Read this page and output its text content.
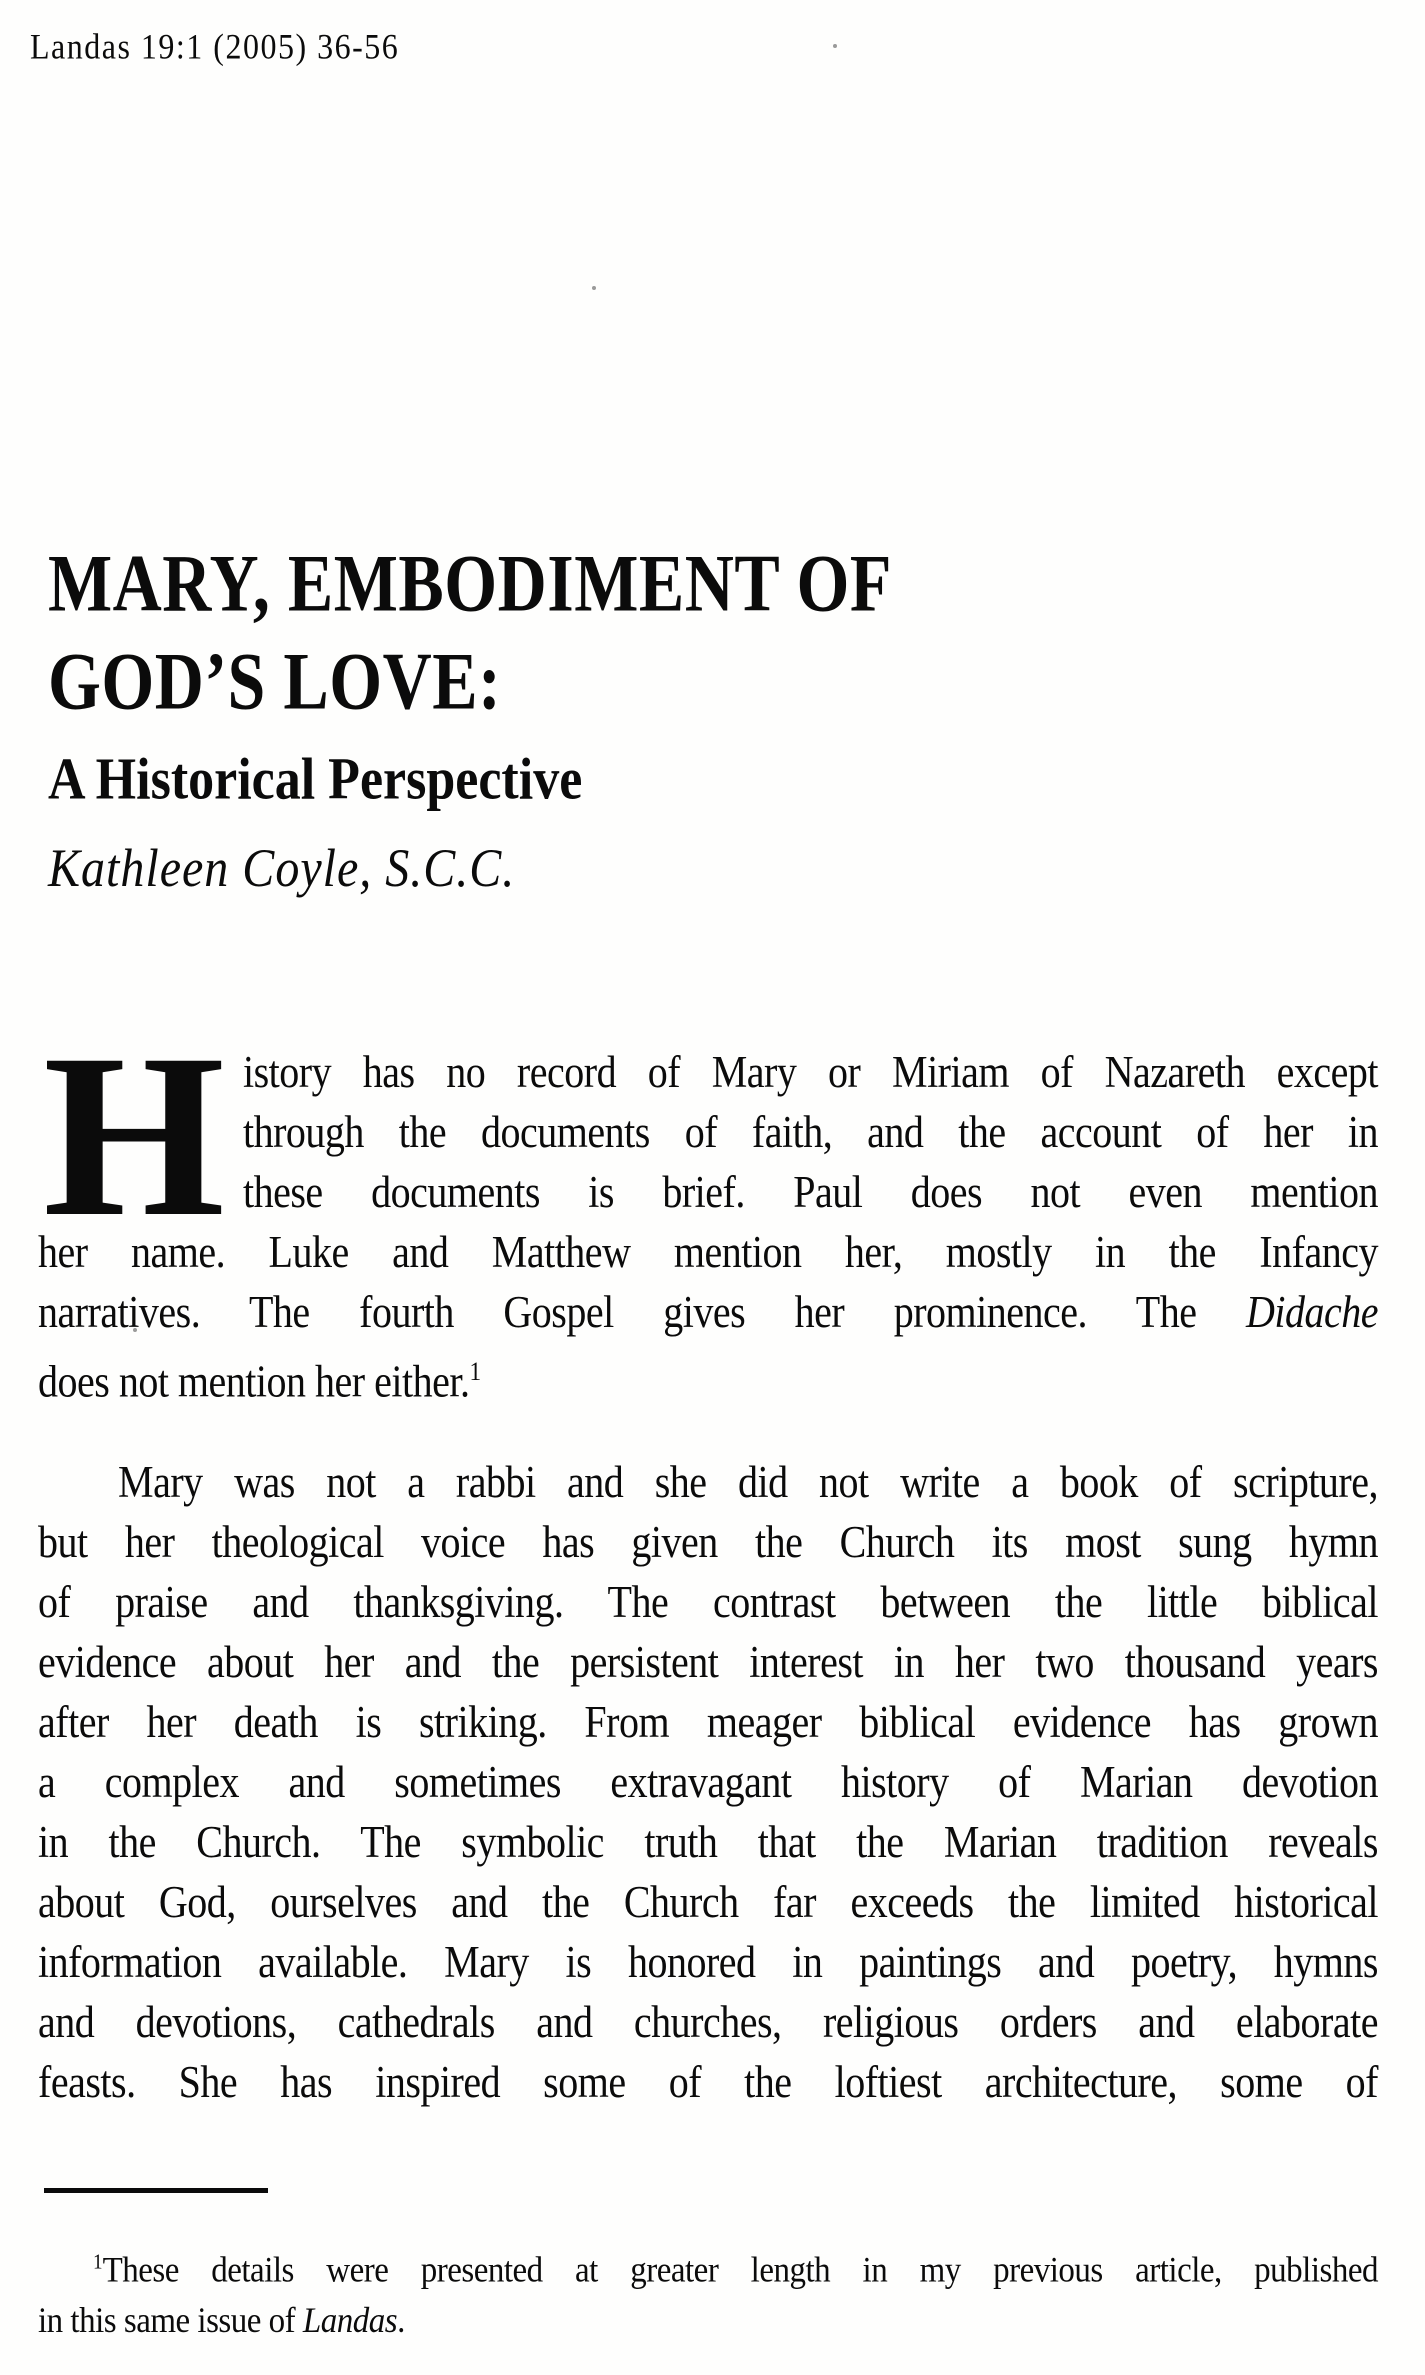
Landas 19:1 (2005) 36-56
MARY, EMBODIMENT OF
GOD’S LOVE:
A Historical Perspective
Kathleen Coyle, S.C.C.
H istory has no record of Mary or Miriam of Nazareth except
through the documents of faith, and the account of her in
these documents is brief. Paul does not even mention
her name. Luke and Matthew mention her, mostly in the Infancy
narratives. The fourth Gospel gives her prominence. The Didache
does not mention her either.$^1$
Mary was not a rabbi and she did not write a book of scripture,
but her theological voice has given the Church its most sung hymn
of praise and thanksgiving. The contrast between the little biblical
evidence about her and the persistent interest in her two thousand years
after her death is striking. From meager biblical evidence has grown
a complex and sometimes extravagant history of Marian devotion
in the Church. The symbolic truth that the Marian tradition reveals
about God, ourselves and the Church far exceeds the limited historical
information available. Mary is honored in paintings and poetry, hymns
and devotions, cathedrals and churches, religious orders and elaborate
feasts. She has inspired some of the loftiest architecture, some of
$^1$These details were presented at greater length in my previous article, published
in this same issue of Landas.
